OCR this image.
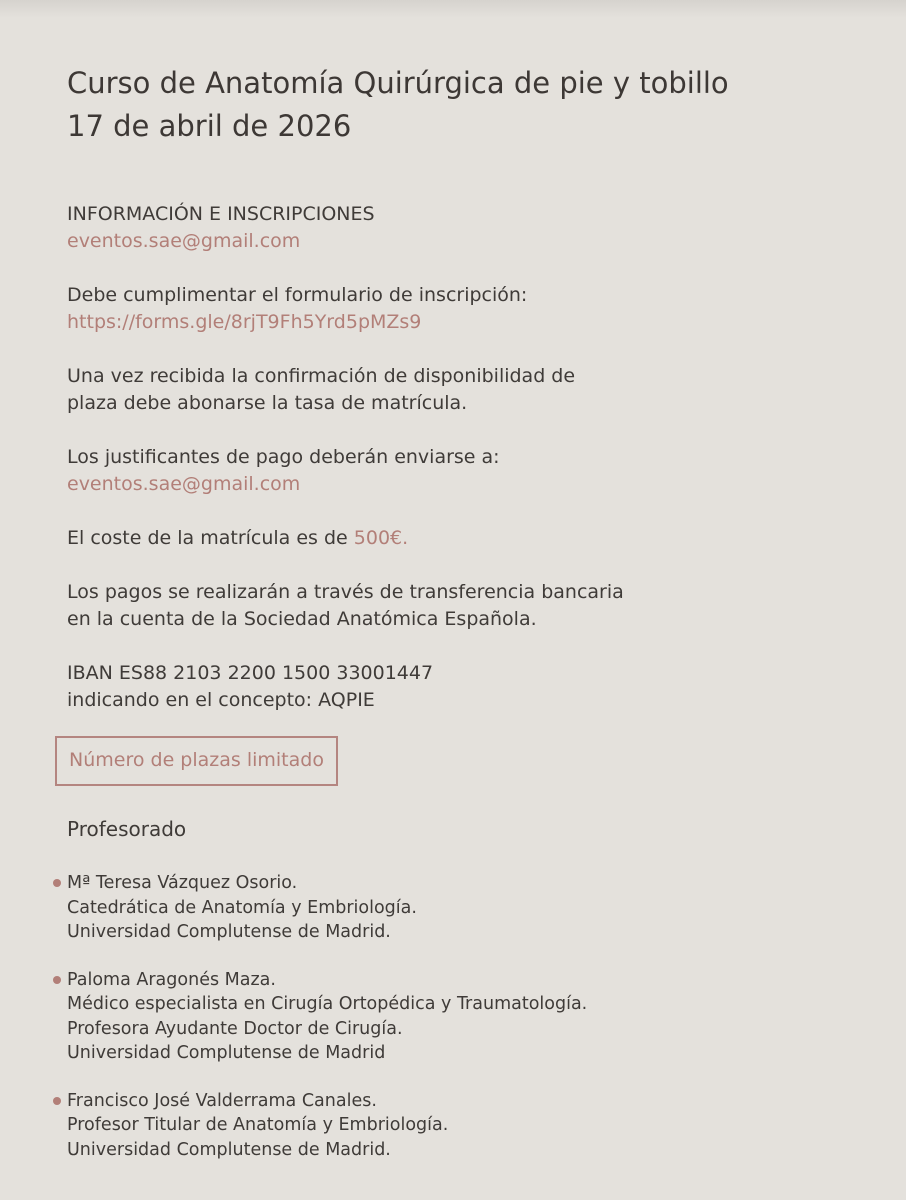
Curso de Anatomía Quirúrgica de pie y tobillo
17 de abril de 2026
INFORMACIÓN E INSCRIPCIONES
eventos.sae@gmail.com
Debe cumplimentar el formulario de inscripción:
https://forms.gle/8rjT9Fh5Yrd5pMZs9
Una vez recibida la confirmación de disponibilidad de
plaza debe abonarse la tasa de matrícula.
Los justificantes de pago deberán enviarse a:
eventos.sae@gmail.com
El coste de la matrícula es de 500€.
Los pagos se realizarán a través de transferencia bancaria
en la cuenta de la Sociedad Anatómica Española.
IBAN ES88 2103 2200 1500 33001447
indicando en el concepto: AQPIE
Número de plazas limitado
Profesorado
Mª Teresa Vázquez Osorio.
Catedrática de Anatomía y Embriología.
Universidad Complutense de Madrid.
Paloma Aragonés Maza.
Médico especialista en Cirugía Ortopédica y Traumatología.
Profesora Ayudante Doctor de Cirugía.
Universidad Complutense de Madrid
Francisco José Valderrama Canales.
Profesor Titular de Anatomía y Embriología.
Universidad Complutense de Madrid.
